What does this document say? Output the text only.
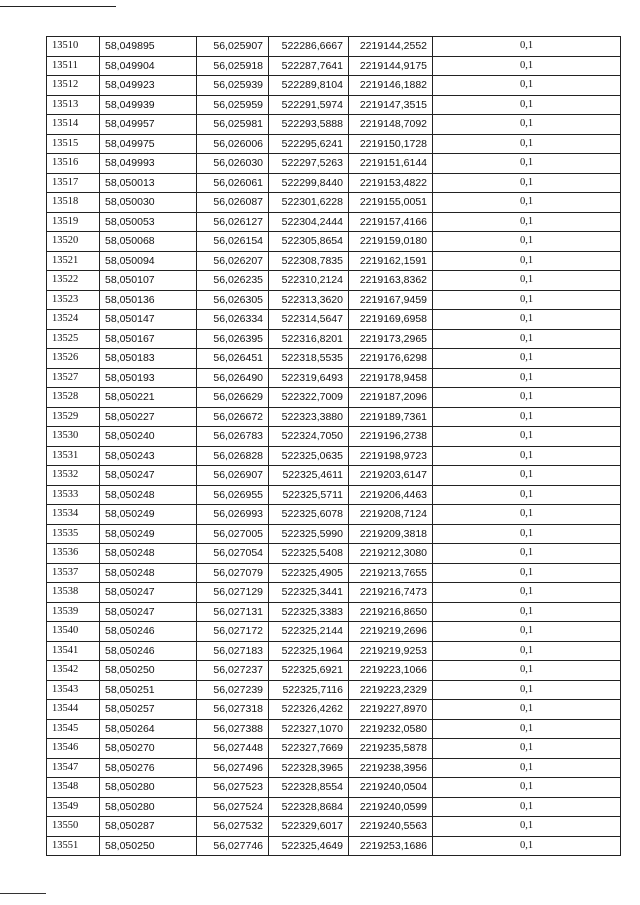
13510	58,049895	56,025907	522286,6667	2219144,2552	0,1
13511	58,049904	56,025918	522287,7641	2219144,9175	0,1
13512	58,049923	56,025939	522289,8104	2219146,1882	0,1
13513	58,049939	56,025959	522291,5974	2219147,3515	0,1
13514	58,049957	56,025981	522293,5888	2219148,7092	0,1
13515	58,049975	56,026006	522295,6241	2219150,1728	0,1
13516	58,049993	56,026030	522297,5263	2219151,6144	0,1
13517	58,050013	56,026061	522299,8440	2219153,4822	0,1
13518	58,050030	56,026087	522301,6228	2219155,0051	0,1
13519	58,050053	56,026127	522304,2444	2219157,4166	0,1
13520	58,050068	56,026154	522305,8654	2219159,0180	0,1
13521	58,050094	56,026207	522308,7835	2219162,1591	0,1
13522	58,050107	56,026235	522310,2124	2219163,8362	0,1
13523	58,050136	56,026305	522313,3620	2219167,9459	0,1
13524	58,050147	56,026334	522314,5647	2219169,6958	0,1
13525	58,050167	56,026395	522316,8201	2219173,2965	0,1
13526	58,050183	56,026451	522318,5535	2219176,6298	0,1
13527	58,050193	56,026490	522319,6493	2219178,9458	0,1
13528	58,050221	56,026629	522322,7009	2219187,2096	0,1
13529	58,050227	56,026672	522323,3880	2219189,7361	0,1
13530	58,050240	56,026783	522324,7050	2219196,2738	0,1
13531	58,050243	56,026828	522325,0635	2219198,9723	0,1
13532	58,050247	56,026907	522325,4611	2219203,6147	0,1
13533	58,050248	56,026955	522325,5711	2219206,4463	0,1
13534	58,050249	56,026993	522325,6078	2219208,7124	0,1
13535	58,050249	56,027005	522325,5990	2219209,3818	0,1
13536	58,050248	56,027054	522325,5408	2219212,3080	0,1
13537	58,050248	56,027079	522325,4905	2219213,7655	0,1
13538	58,050247	56,027129	522325,3441	2219216,7473	0,1
13539	58,050247	56,027131	522325,3383	2219216,8650	0,1
13540	58,050246	56,027172	522325,2144	2219219,2696	0,1
13541	58,050246	56,027183	522325,1964	2219219,9253	0,1
13542	58,050250	56,027237	522325,6921	2219223,1066	0,1
13543	58,050251	56,027239	522325,7116	2219223,2329	0,1
13544	58,050257	56,027318	522326,4262	2219227,8970	0,1
13545	58,050264	56,027388	522327,1070	2219232,0580	0,1
13546	58,050270	56,027448	522327,7669	2219235,5878	0,1
13547	58,050276	56,027496	522328,3965	2219238,3956	0,1
13548	58,050280	56,027523	522328,8554	2219240,0504	0,1
13549	58,050280	56,027524	522328,8684	2219240,0599	0,1
13550	58,050287	56,027532	522329,6017	2219240,5563	0,1
13551	58,050250	56,027746	522325,4649	2219253,1686	0,1
